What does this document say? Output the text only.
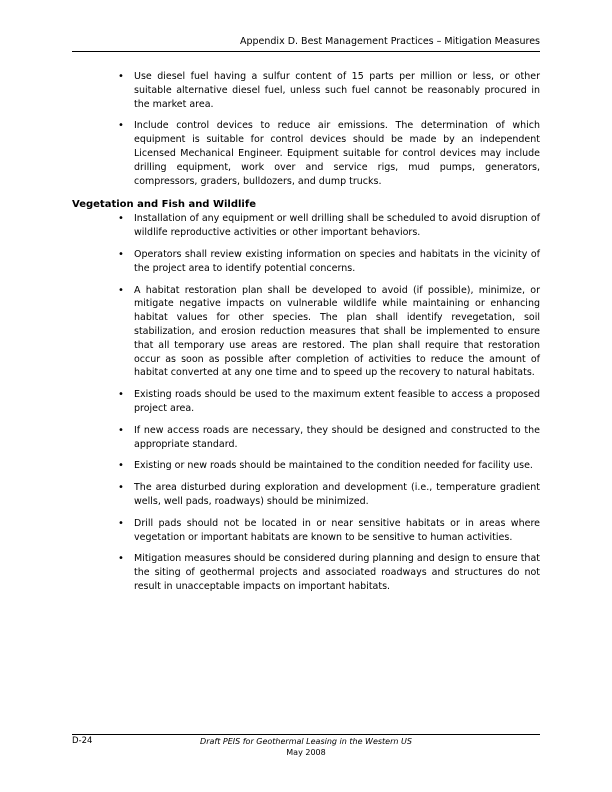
Appendix D. Best Management Practices – Mitigation Measures
• Use diesel fuel having a sulfur content of 15 parts per million or less, or other suitable alternative diesel fuel, unless such fuel cannot be reasonably procured in the market area.
• Include control devices to reduce air emissions. The determination of which equipment is suitable for control devices should be made by an independent Licensed Mechanical Engineer. Equipment suitable for control devices may include drilling equipment, work over and service rigs, mud pumps, generators, compressors, graders, bulldozers, and dump trucks.
Vegetation and Fish and Wildlife
• Installation of any equipment or well drilling shall be scheduled to avoid disruption of wildlife reproductive activities or other important behaviors.
• Operators shall review existing information on species and habitats in the vicinity of the project area to identify potential concerns.
• A habitat restoration plan shall be developed to avoid (if possible), minimize, or mitigate negative impacts on vulnerable wildlife while maintaining or enhancing habitat values for other species. The plan shall identify revegetation, soil stabilization, and erosion reduction measures that shall be implemented to ensure that all temporary use areas are restored. The plan shall require that restoration occur as soon as possible after completion of activities to reduce the amount of habitat converted at any one time and to speed up the recovery to natural habitats.
• Existing roads should be used to the maximum extent feasible to access a proposed project area.
• If new access roads are necessary, they should be designed and constructed to the appropriate standard.
• Existing or new roads should be maintained to the condition needed for facility use.
• The area disturbed during exploration and development (i.e., temperature gradient wells, well pads, roadways) should be minimized.
• Drill pads should not be located in or near sensitive habitats or in areas where vegetation or important habitats are known to be sensitive to human activities.
• Mitigation measures should be considered during planning and design to ensure that the siting of geothermal projects and associated roadways and structures do not result in unacceptable impacts on important habitats.
D-24	Draft PEIS for Geothermal Leasing in the Western US
May 2008
